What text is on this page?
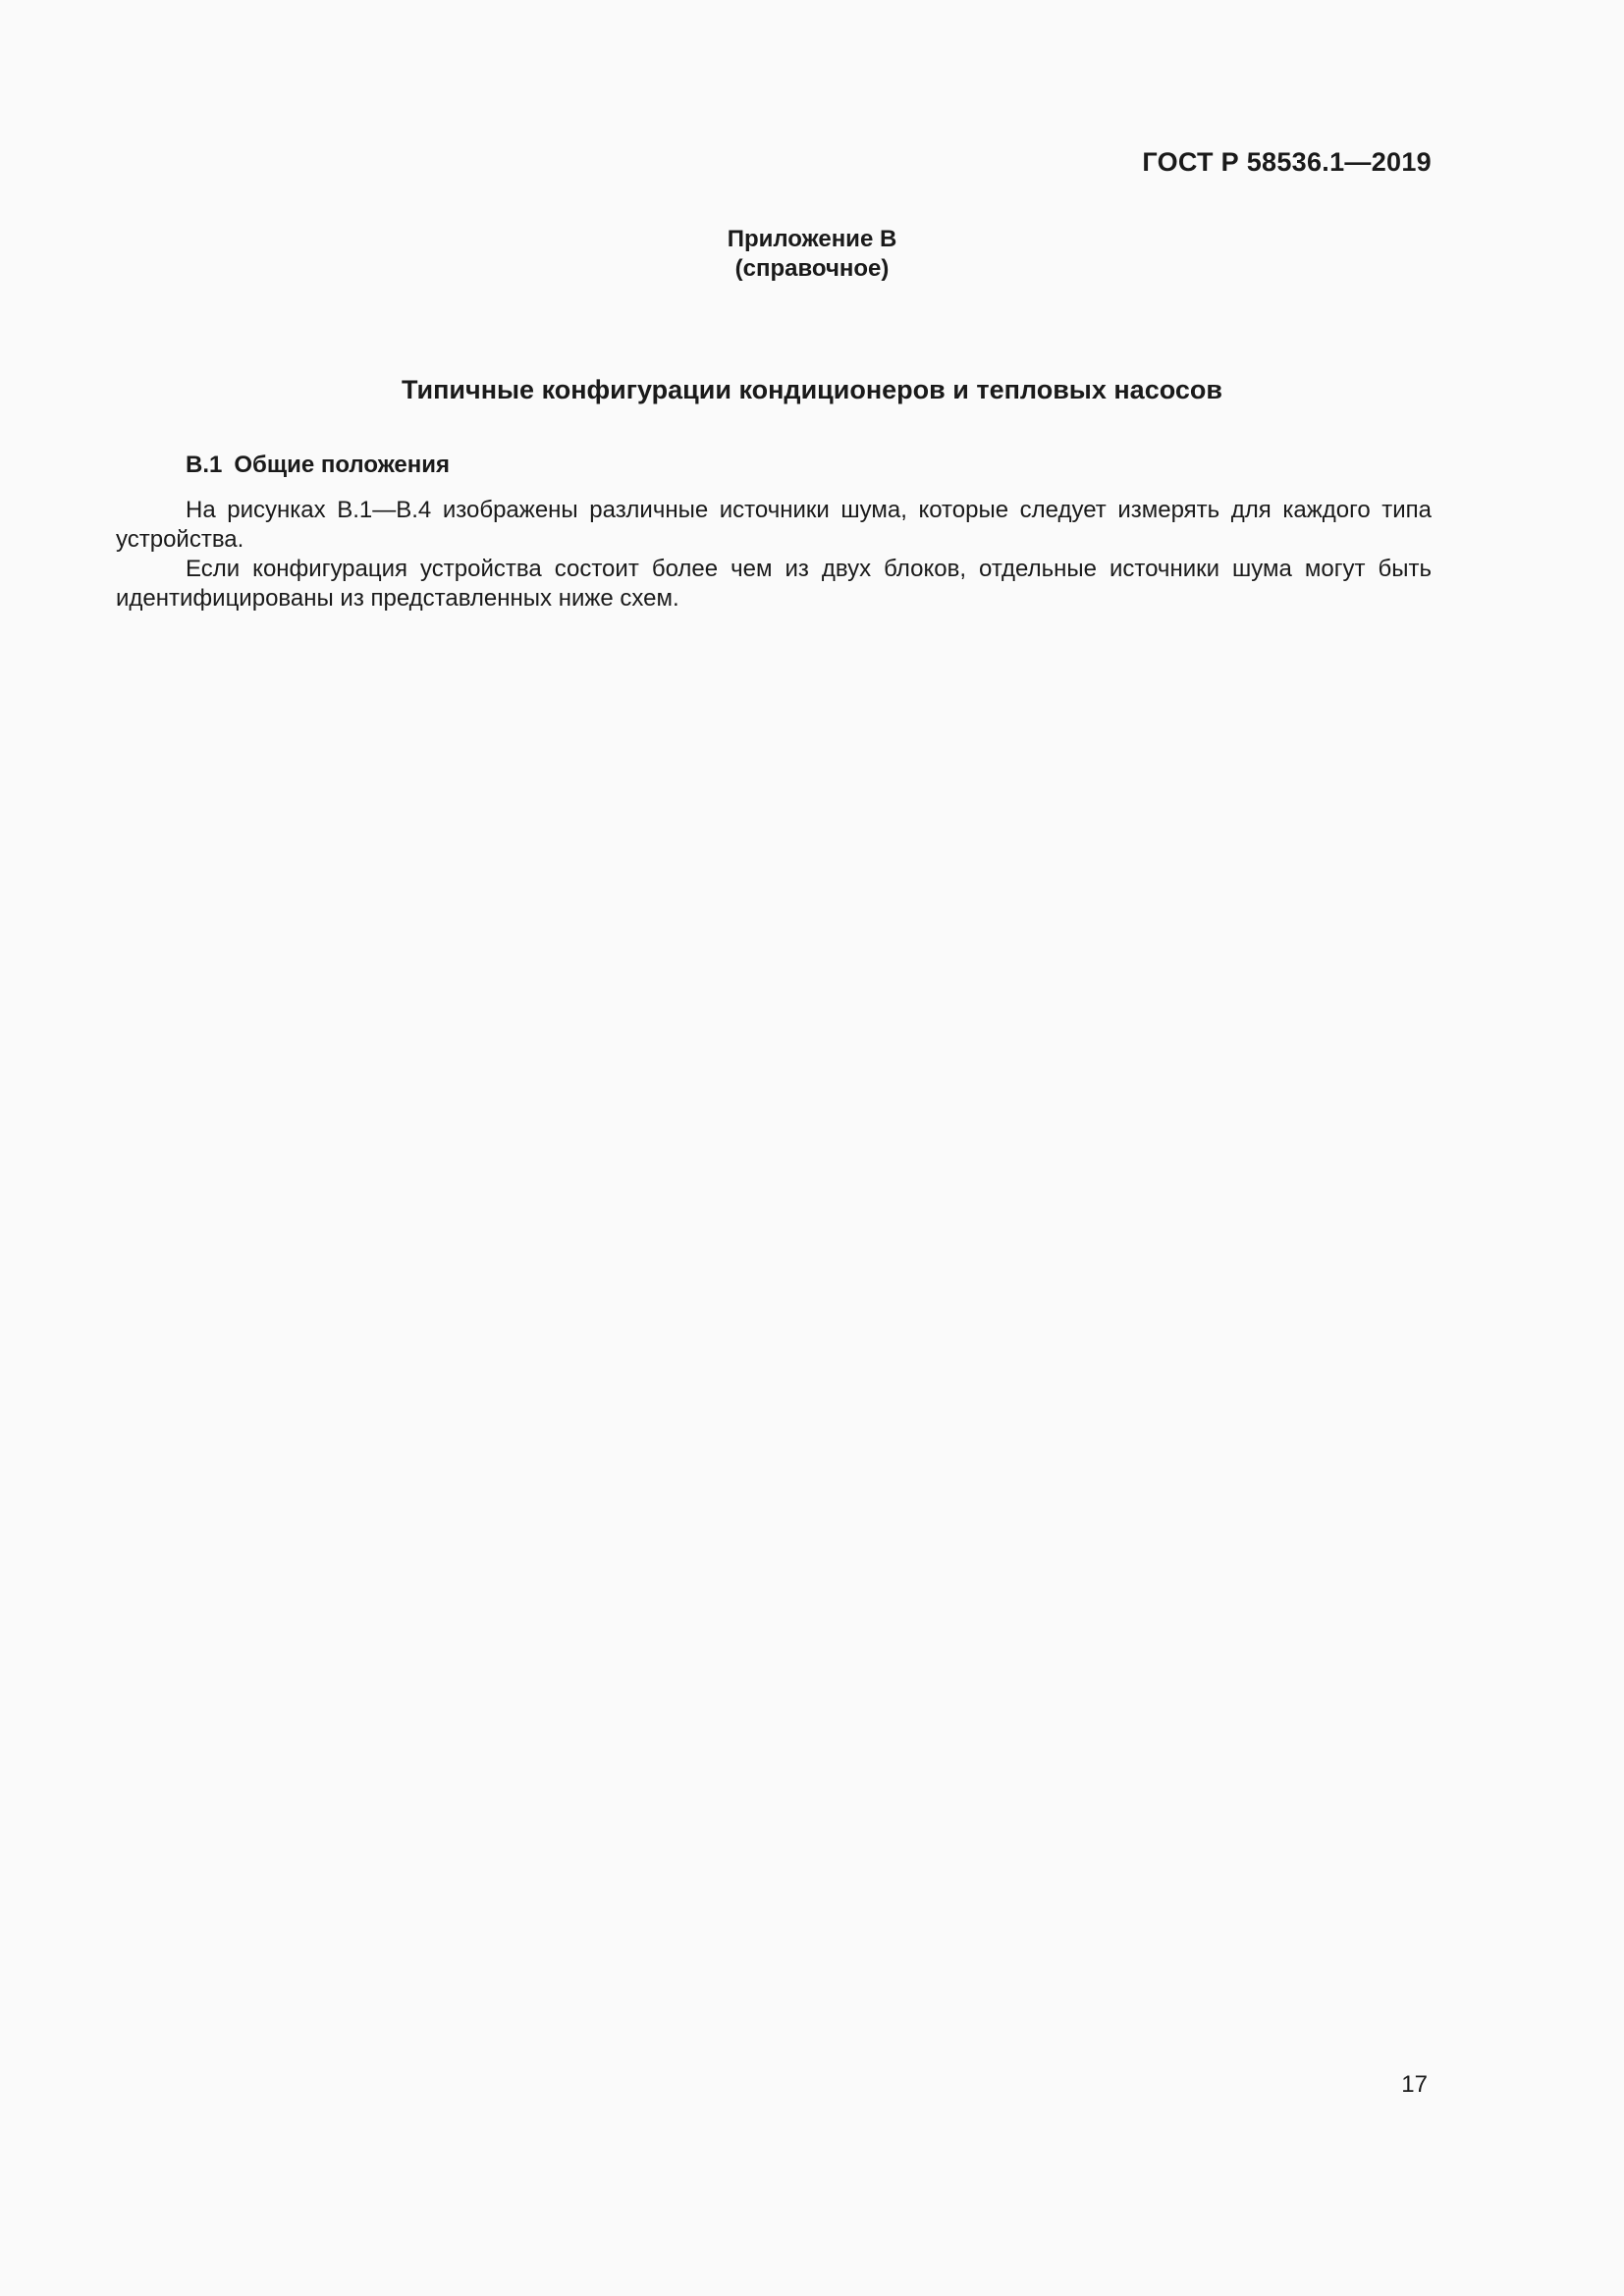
ГОСТ Р 58536.1—2019
Приложение В
(справочное)
Типичные конфигурации кондиционеров и тепловых насосов
В.1 Общие положения

На рисунках В.1—В.4 изображены различные источники шума, которые следует измерять для каждого типа устройства.

Если конфигурация устройства состоит более чем из двух блоков, отдельные источники шума могут быть идентифицированы из представленных ниже схем.

17
